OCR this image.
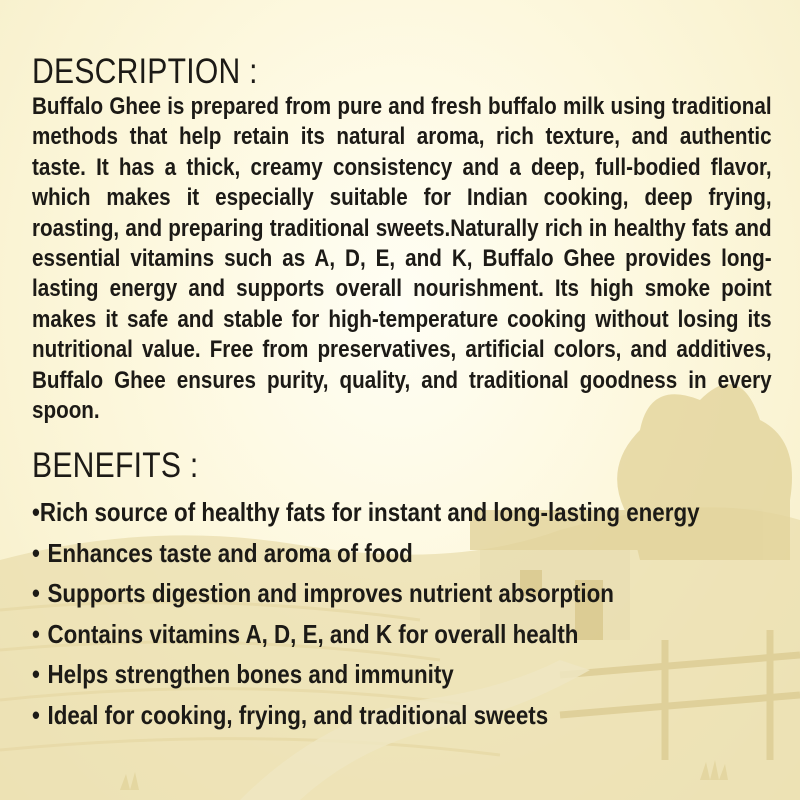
DESCRIPTION :

Buffalo Ghee is prepared from pure and fresh buffalo milk using traditional methods that help retain its natural aroma, rich texture, and authentic taste. It has a thick, creamy consistency and a deep, full-bodied flavor, which makes it especially suitable for Indian cooking, deep frying, roasting, and preparing traditional sweets.Naturally rich in healthy fats and essential vitamins such as A, D, E, and K, Buffalo Ghee provides long-lasting energy and supports overall nourishment. Its high smoke point makes it safe and stable for high-temperature cooking without losing its nutritional value. Free from preservatives, artificial colors, and additives, Buffalo Ghee ensures purity, quality, and traditional goodness in every spoon.

BENEFITS :
• Rich source of healthy fats for instant and long-lasting energy
• Enhances taste and aroma of food
• Supports digestion and improves nutrient absorption
• Contains vitamins A, D, E, and K for overall health
• Helps strengthen bones and immunity
• Ideal for cooking, frying, and traditional sweets
